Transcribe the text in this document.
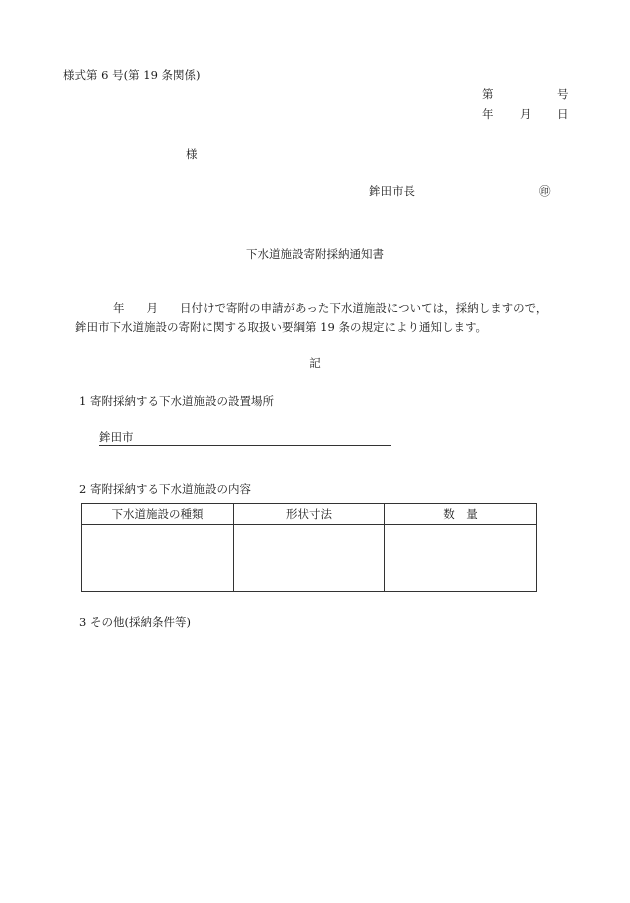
様式第 6 号(第 19 条関係)
第	号
年 月 日
様
鉾田市長	㊞
下水道施設寄附採納通知書
年 月 日付けで寄附の申請があった下水道施設については，採納しますので，
鉾田市下水道施設の寄附に関する取扱い要綱第 19 条の規定により通知します。
記
1 寄附採納する下水道施設の設置場所
鉾田市
2 寄附採納する下水道施設の内容
下水道施設の種類	形状寸法	数　量

3 その他(採納条件等)
